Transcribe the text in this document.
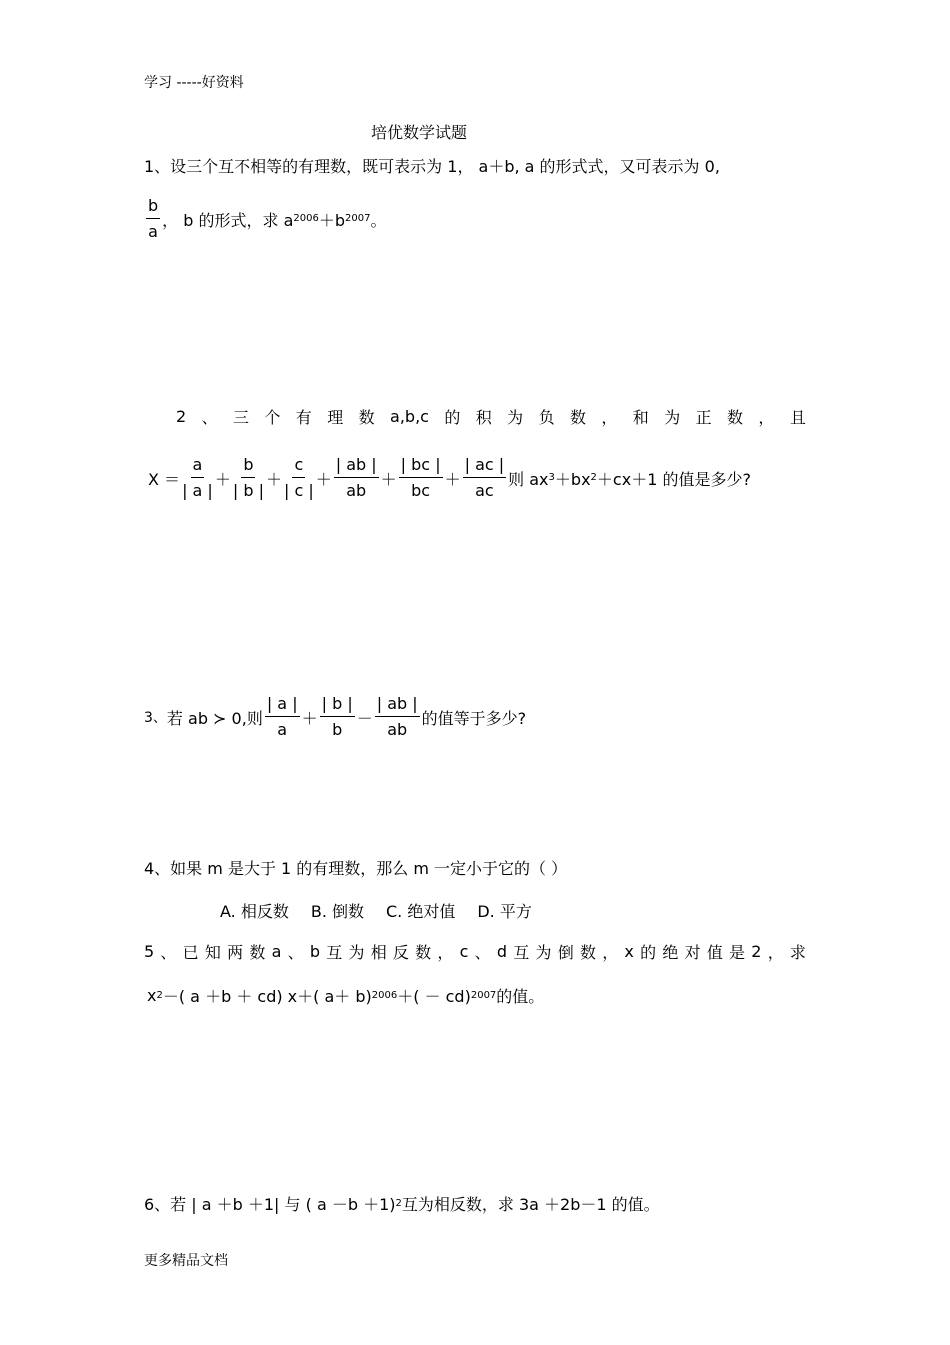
学习 -----好资料
培优数学试题
1、设三个互不相等的有理数，既可表示为 1， a＋b, a 的形式式，又可表示为 0,
$\frac{b}{a}$ ， b 的形式，求 a 2006 ＋b 2007 。
2 、 三 个 有 理 数 a,b,c 的 积 为 负 数 ， 和 为 正 数 ， 且
$X = \frac{a}{| a |} + \frac{b}{| b |} + \frac{c}{| c |} + \frac{| ab |}{ab} + \frac{| bc |}{bc} + \frac{| ac |}{ac}$ 则 ax 3 ＋bx 2 ＋cx＋1 的值是多少?
3、 若 ab ≻ 0,则 $\frac{| a |}{a} + \frac{| b |}{b} - \frac{| ab |}{ab}$ 的值等于多少?
4、如果 m 是大于 1 的有理数，那么 m 一定小于它的（ ）
A. 相反数 B. 倒数 C. 绝对值 D. 平方
5 、 已 知 两 数 a 、 b 互 为 相 反 数 ， c 、 d 互 为 倒 数 ， x 的 绝 对 值 是 2 ， 求
x 2 －( a ＋b ＋ cd) x＋( a＋ b) 2006 ＋( － cd) 2007 的值。
6、若 | a ＋b ＋1| 与 ( a －b ＋1) 2 互为相反数，求 3a ＋2b－1 的值。
更多精品文档
